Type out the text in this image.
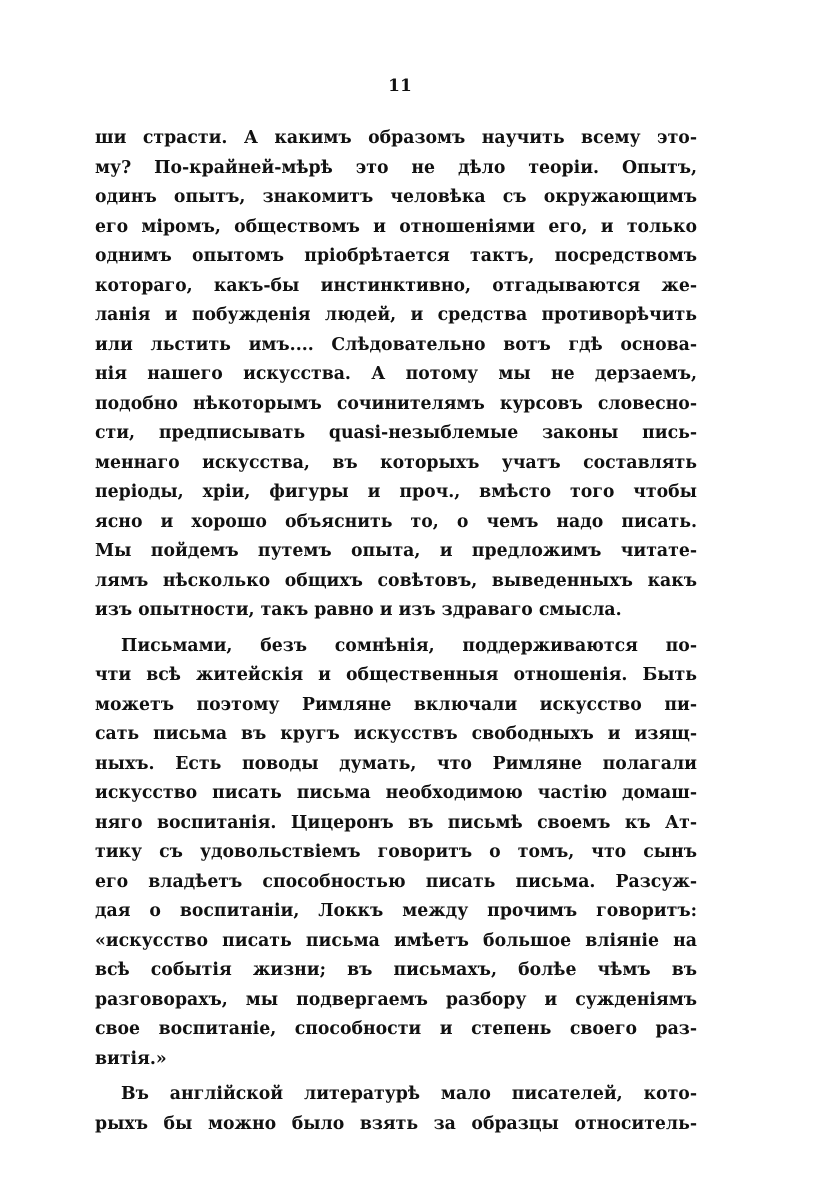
11
ши страсти. А какимъ образомъ научить всему это-
му? По-крайней-мѣрѣ это не дѣло теоріи. Опытъ,
одинъ опытъ, знакомитъ человѣка съ окружающимъ
его міромъ, обществомъ и отношеніями его, и только
однимъ опытомъ пріобрѣтается тактъ, посредствомъ
котораго, какъ-бы инстинктивно, отгадываются же-
ланія и побужденія людей, и средства противорѣчить
или льстить имъ.... Слѣдовательно вотъ гдѣ основа-
нія нашего искусства. А потому мы не дерзаемъ,
подобно нѣкоторымъ сочинителямъ курсовъ словесно-
сти, предписывать quasi-незыблемые законы пись-
меннаго искусства, въ которыхъ учатъ составлять
періоды, хріи, фигуры и проч., вмѣсто того чтобы
ясно и хорошо объяснить то, о чемъ надо писать.
Мы пойдемъ путемъ опыта, и предложимъ читате-
лямъ нѣсколько общихъ совѣтовъ, выведенныхъ какъ
изъ опытности, такъ равно и изъ здраваго смысла.
Письмами, безъ сомнѣнія, поддерживаются по-
чти всѣ житейскія и общественныя отношенія. Быть
можетъ поэтому Римляне включали искусство пи-
сать письма въ кругъ искусствъ свободныхъ и изящ-
ныхъ. Есть поводы думать, что Римляне полагали
искусство писать письма необходимою частію домаш-
няго воспитанія. Цицеронъ въ письмѣ своемъ къ Ат-
тику съ удовольствіемъ говоритъ о томъ, что сынъ
его владѣетъ способностью писать письма. Разсуж-
дая о воспитаніи, Локкъ между прочимъ говоритъ:
«искусство писать письма имѣетъ большое вліяніе на
всѣ событія жизни; въ письмахъ, болѣе чѣмъ въ
разговорахъ, мы подвергаемъ разбору и сужденіямъ
свое воспитаніе, способности и степень своего раз-
витія.»
Въ англійской литературѣ мало писателей, кото-
рыхъ бы можно было взять за образцы относитель-
